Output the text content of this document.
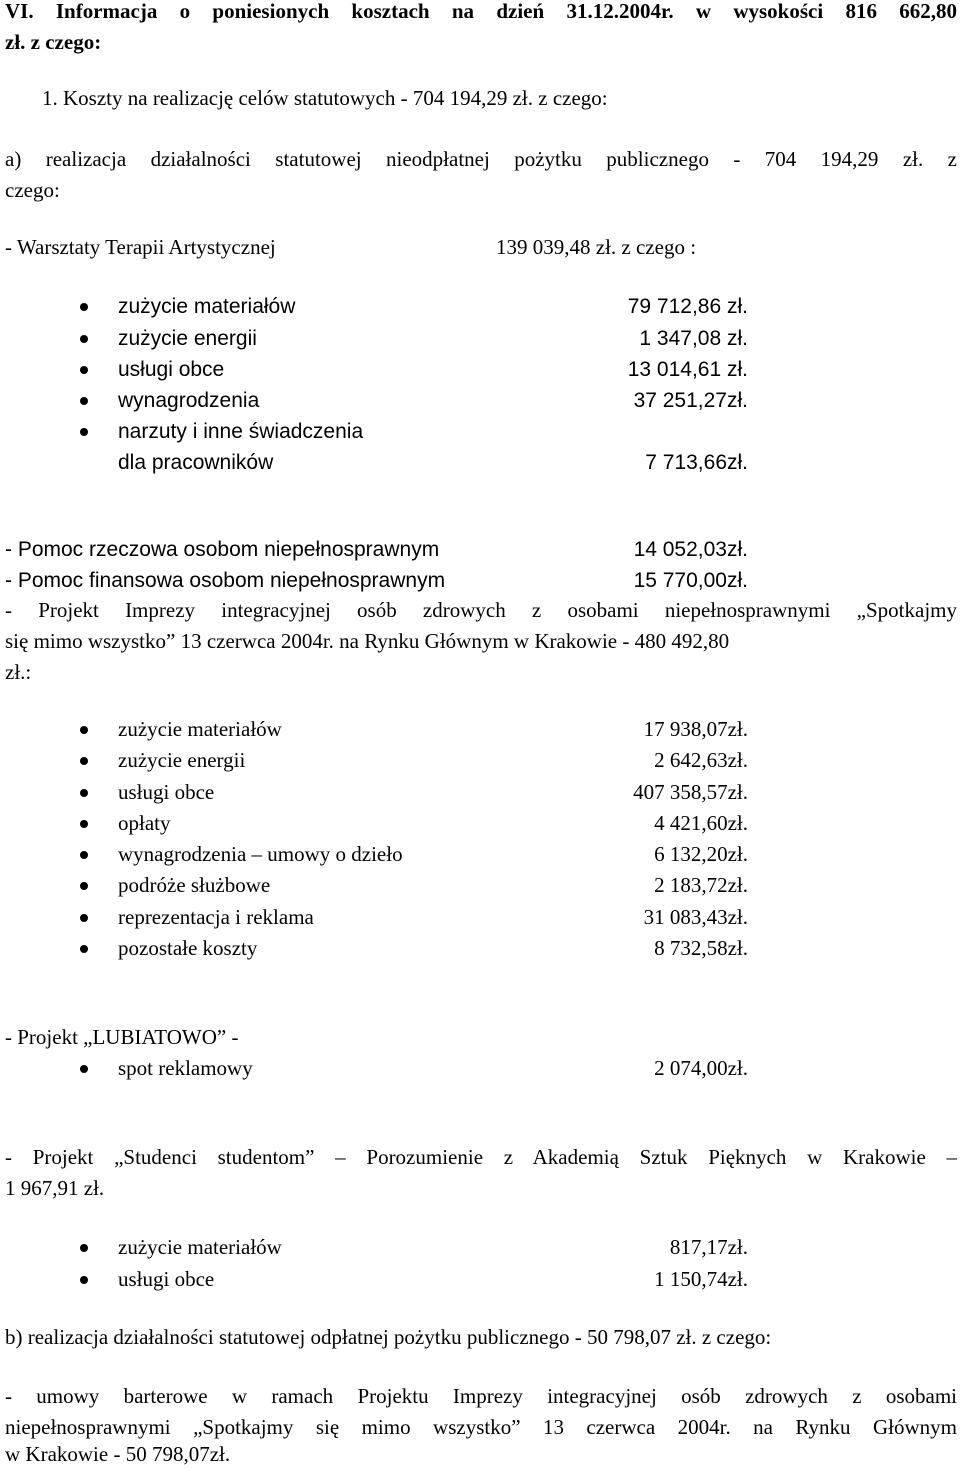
VI. Informacja o poniesionych kosztach na dzień 31.12.2004r. w wysokości 816 662,80
zł. z czego:
1. Koszty na realizację celów statutowych - 704 194,29 zł. z czego:
a) realizacja działalności statutowej nieodpłatnej pożytku publicznego - 704 194,29 zł. z
czego:
- Warsztaty Terapii Artystycznej	139 039,48 zł. z czego :
zużycie materiałów	79 712,86 zł.
zużycie energii	1 347,08 zł.
usługi obce	13 014,61 zł.
wynagrodzenia	37 251,27zł.
narzuty i inne świadczenia
dla pracowników	7 713,66zł.
- Pomoc rzeczowa osobom niepełnosprawnym	14 052,03zł.
- Pomoc finansowa osobom niepełnosprawnym	15 770,00zł.
- Projekt Imprezy integracyjnej osób zdrowych z osobami niepełnosprawnymi „Spotkajmy
się mimo wszystko” 13 czerwca 2004r. na Rynku Głównym w Krakowie - 480 492,80
zł.:
zużycie materiałów	17 938,07zł.
zużycie energii	2 642,63zł.
usługi obce	407 358,57zł.
opłaty	4 421,60zł.
wynagrodzenia – umowy o dzieło	6 132,20zł.
podróże służbowe	2 183,72zł.
reprezentacja i reklama	31 083,43zł.
pozostałe koszty	8 732,58zł.
- Projekt „LUBIATOWO” -
spot reklamowy	2 074,00zł.
- Projekt „Studenci studentom” – Porozumienie z Akademią Sztuk Pięknych w Krakowie –
1 967,91 zł.
zużycie materiałów	817,17zł.
usługi obce	1 150,74zł.
b) realizacja działalności statutowej odpłatnej pożytku publicznego - 50 798,07 zł. z czego:
- umowy barterowe w ramach Projektu Imprezy integracyjnej osób zdrowych z osobami
niepełnosprawnymi „Spotkajmy się mimo wszystko” 13 czerwca 2004r. na Rynku Głównym
w Krakowie - 50 798,07zł.
